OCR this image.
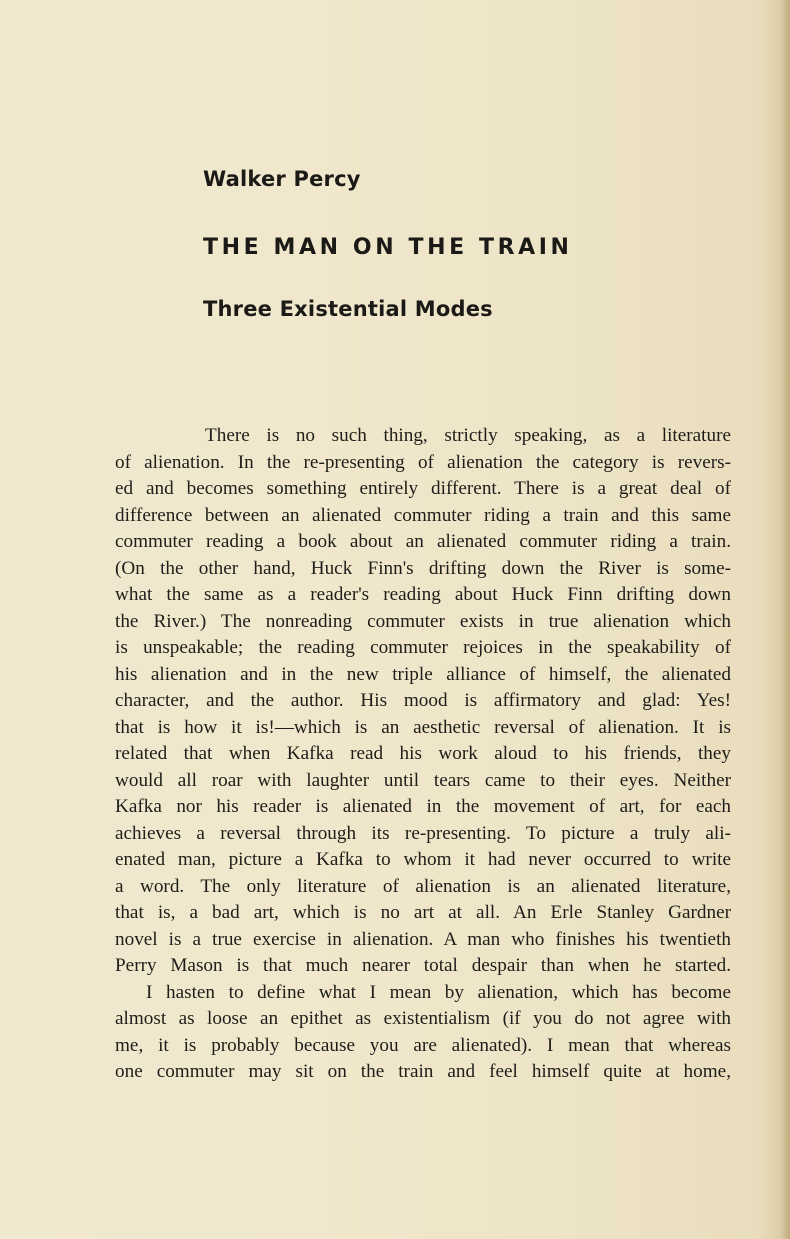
Walker Percy
THE MAN ON THE TRAIN
Three Existential Modes

There is no such thing, strictly speaking, as a literature

of alienation. In the re-presenting of alienation the category is revers-

ed and becomes something entirely different. There is a great deal of

difference between an alienated commuter riding a train and this same

commuter reading a book about an alienated commuter riding a train.

(On the other hand, Huck Finn's drifting down the River is some-

what the same as a reader's reading about Huck Finn drifting down

the River.) The nonreading commuter exists in true alienation which

is unspeakable; the reading commuter rejoices in the speakability of

his alienation and in the new triple alliance of himself, the alienated

character, and the author. His mood is affirmatory and glad: Yes!

that is how it is!—which is an aesthetic reversal of alienation. It is

related that when Kafka read his work aloud to his friends, they

would all roar with laughter until tears came to their eyes. Neither

Kafka nor his reader is alienated in the movement of art, for each

achieves a reversal through its re-presenting. To picture a truly ali-

enated man, picture a Kafka to whom it had never occurred to write

a word. The only literature of alienation is an alienated literature,

that is, a bad art, which is no art at all. An Erle Stanley Gardner

novel is a true exercise in alienation. A man who finishes his twentieth

Perry Mason is that much nearer total despair than when he started.

I hasten to define what I mean by alienation, which has become

almost as loose an epithet as existentialism (if you do not agree with

me, it is probably because you are alienated). I mean that whereas

one commuter may sit on the train and feel himself quite at home,
